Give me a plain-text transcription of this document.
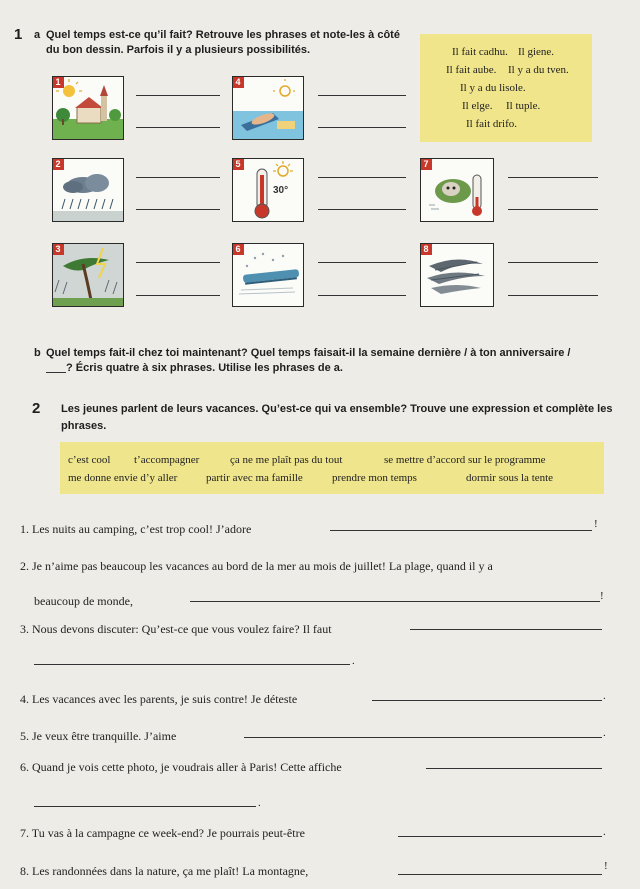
1 a Quel temps est-ce qu’il fait? Retrouve les phrases et note-les à côté
du bon dessin. Parfois il y a plusieurs possibilités.	Il fait cadhu. Il giene.
Il fait aube. Il y a du tven.
Il y a du lisole.
Il elge. Il tuple.
Il fait drifo.
1	4
2	5
30°
7
3	6	8
b Quel temps fait-il chez toi maintenant? Quel temps faisait-il la semaine dernière / à ton anniversaire /
? Écris quatre à six phrases. Utilise les phrases de a.
2 Les jeunes parlent de leurs vacances. Qu’est-ce qui va ensemble? Trouve une expression et complète les
phrases.
c’est cool t’accompagner	ça ne me plaît pas du tout	se mettre d’accord sur le programme
me donne envie d’y aller	partir avec ma famille	prendre mon temps	dormir sous la tente
1. Les nuits au camping, c’est trop cool! J’adore	!
2. Je n’aime pas beaucoup les vacances au bord de la mer au mois de juillet! La plage, quand il y a
beaucoup de monde,	!
3. Nous devons discuter: Qu’est-ce que vous voulez faire? Il faut
.
4. Les vacances avec les parents, je suis contre! Je déteste	.
5. Je veux être tranquille. J’aime	.
6. Quand je vois cette photo, je voudrais aller à Paris! Cette affiche
.
7. Tu vas à la campagne ce week-end? Je pourrais peut-être	.
8. Les randonnées dans la nature, ça me plaît! La montagne,	!
